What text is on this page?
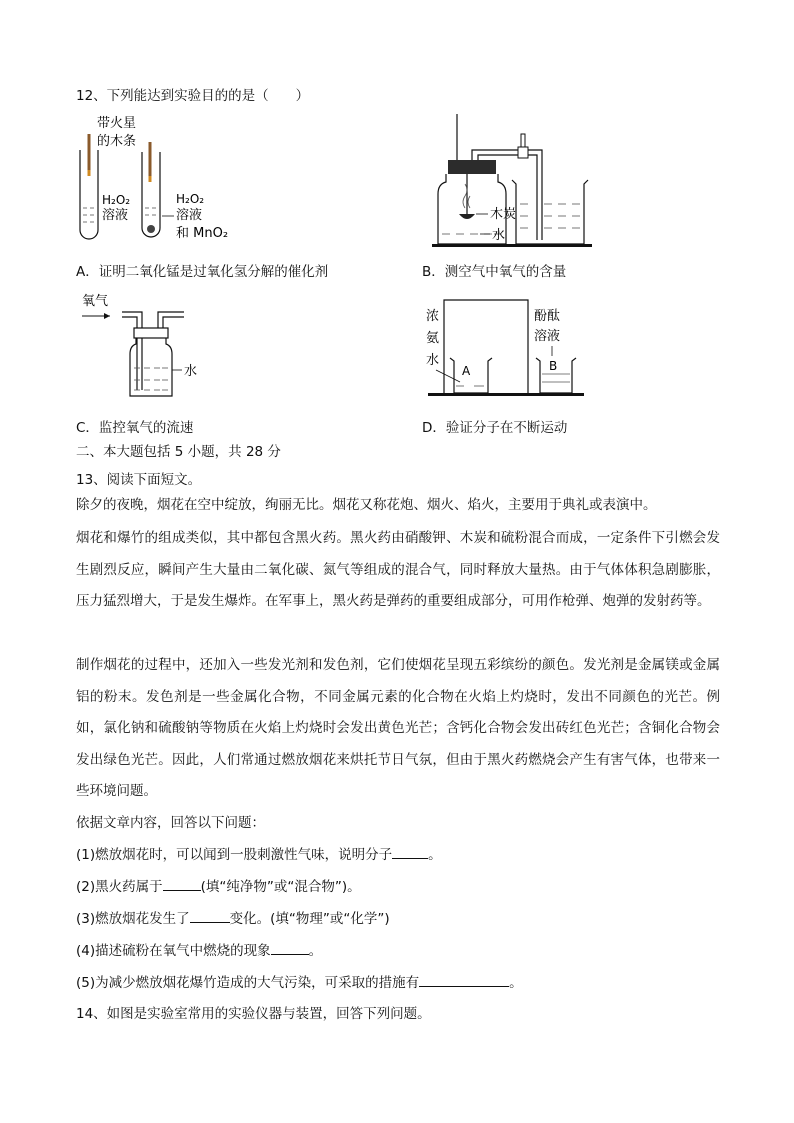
12、下列能达到实验目的的是（　　）
带火星
的木条
H₂O₂
溶液
H₂O₂
溶液
和 MnO₂
木炭
水
A．证明二氧化锰是过氧化氢分解的催化剂	B．测空气中氧气的含量
氧气
水
浓
氨
水
酚酞
溶液
A	B
C．监控氧气的流速	D．验证分子在不断运动
二、本大题包括 5 小题，共 28 分
13、阅读下面短文。
除夕的夜晚，烟花在空中绽放，绚丽无比。烟花又称花炮、烟火、焰火，主要用于典礼或表演中。
烟花和爆竹的组成类似，其中都包含黑火药。黑火药由硝酸钾、木炭和硫粉混合而成，一定条件下引燃会发生剧烈反应，瞬间产生大量由二氧化碳、氮气等组成的混合气，同时释放大量热。由于气体体积急剧膨胀，压力猛烈增大，于是发生爆炸。在军事上，黑火药是弹药的重要组成部分，可用作枪弹、炮弹的发射药等。
制作烟花的过程中，还加入一些发光剂和发色剂，它们使烟花呈现五彩缤纷的颜色。发光剂是金属镁或金属铝的粉末。发色剂是一些金属化合物，不同金属元素的化合物在火焰上灼烧时，发出不同颜色的光芒。例如，氯化钠和硫酸钠等物质在火焰上灼烧时会发出黄色光芒；含钙化合物会发出砖红色光芒；含铜化合物会发出绿色光芒。因此，人们常通过燃放烟花来烘托节日气氛，但由于黑火药燃烧会产生有害气体，也带来一些环境问题。
依据文章内容，回答以下问题：
(1)燃放烟花时，可以闻到一股刺激性气味，说明分子	。
(2)黑火药属于	(填“纯净物”或“混合物”)。
(3)燃放烟花发生了	变化。(填“物理”或“化学”)
(4)描述硫粉在氧气中燃烧的现象	。
(5)为减少燃放烟花爆竹造成的大气污染，可采取的措施有	。
14、如图是实验室常用的实验仪器与装置，回答下列问题。
